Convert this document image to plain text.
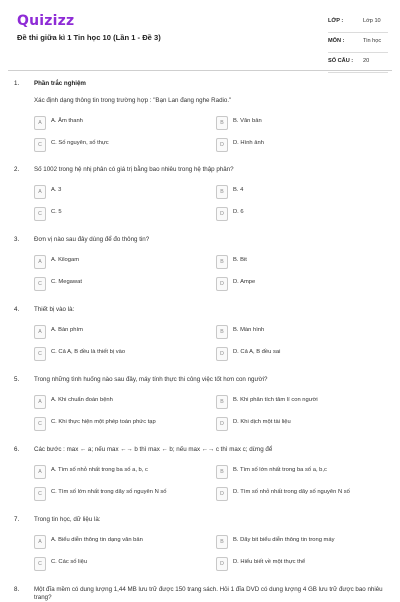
Quizizz
Đề thi giữa kì 1 Tin học 10 (Lần 1 - Đề 3)
LỚP :	Lớp 10
MÔN :	Tin học
SỐ CÂU : 20
1. Phần trắc nghiệm
Xác định dạng thông tin trong trường hợp : "Bạn Lan đang nghe Radio."
A	A. Âm thanh	B	B. Văn bản
C	C. Số nguyên, số thực	D	D. Hình ảnh
2. Số 1002 trong hệ nhị phân có giá trị bằng bao nhiêu trong hệ thập phân?
A	A. 3	B	B. 4
C	C. 5	D	D. 6
3. Đơn vị nào sau đây dùng để đo thông tin?
A	A. Kilogam	B	B. Bit
C	C. Megawat	D	D. Ampe
4. Thiết bị vào là:
A	A. Bàn phím	B	B. Màn hình
C	C. Cả A, B đều là thiết bị vào	D	D. Cả A, B đều sai
5. Trong những tình huống nào sau đây, máy tính thực thi công việc tốt hơn con người?
A	A. Khi chuẩn đoán bệnh	B	B. Khi phân tích tâm lí con người
C	C. Khi thực hiện một phép toán phức tạp	D	D. Khi dịch một tài liệu
6. Các bước : max ← a; nếu max ←→ b thì max ← b; nếu max ←→ c thì max c; dừng để
A	A. Tìm số nhỏ nhất trong ba số a, b, c	B	B. Tìm số lớn nhất trong ba số a, b,c
C	C. Tìm số lớn nhất trong dãy số nguyên N số	D	D. Tìm số nhỏ nhất trong dãy số nguyên N số
7. Trong tin học, dữ liệu là:
A	A. Biểu diễn thông tin dạng văn bản	B	B. Dãy bit biểu diễn thông tin trong máy
C	C. Các số liệu	D	D. Hiểu biết về một thực thể
8. Một đĩa mềm có dung lượng 1,44 MB lưu trữ được 150 trang sách. Hỏi 1 đĩa DVD có dung lượng 4 GB lưu trữ được bao nhiêu trang?
